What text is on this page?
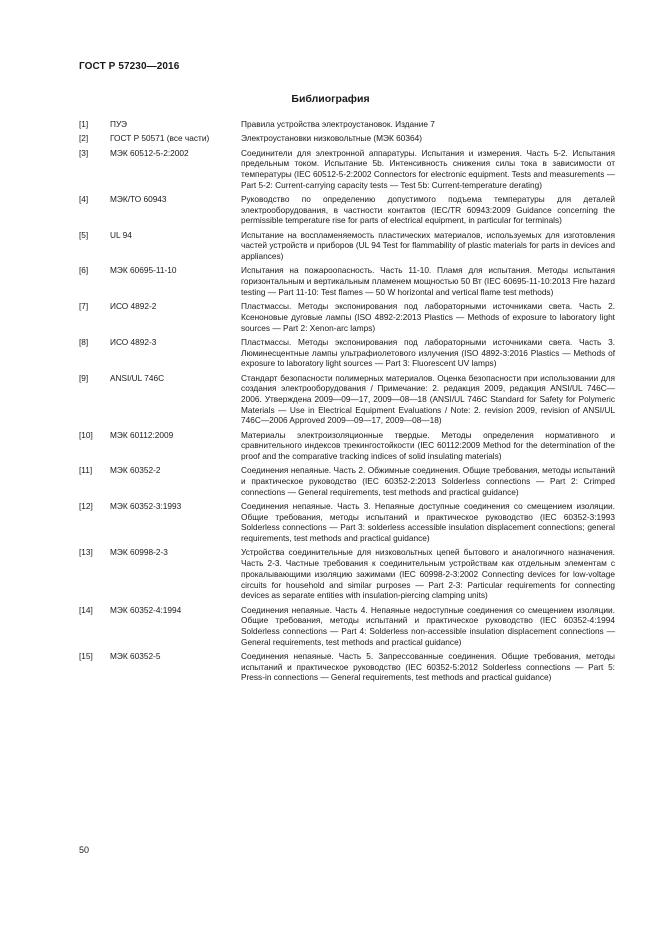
ГОСТ Р 57230—2016
Библиография
[1]	ПУЭ	Правила устройства электроустановок. Издание 7
[2]	ГОСТ Р 50571 (все части)	Электроустановки низковольтные (МЭК 60364)
[3]	МЭК 60512-5-2:2002	Соединители для электронной аппаратуры. Испытания и измерения. Часть 5-2. Испытания предельным током. Испытание 5b. Интенсивность снижения силы тока в зависимости от температуры (IEC 60512-5-2:2002 Connectors for electronic equipment. Tests and measurements — Part 5-2: Current-carrying capacity tests — Test 5b: Current-temperature derating)
[4]	МЭК/ТО 60943	Руководство по определению допустимого подъема температуры для деталей электрооборудования, в частности контактов (IEC/TR 60943:2009 Guidance concerning the permissible temperature rise for parts of electrical equipment, in particular for terminals)
[5]	UL 94	Испытание на воспламеняемость пластических материалов, используемых для изготовления частей устройств и приборов (UL 94 Test for flammability of plastic materials for parts in devices and appliances)
[6]	МЭК 60695-11-10	Испытания на пожароопасность. Часть 11-10. Пламя для испытания. Методы испытания горизонтальным и вертикальным пламенем мощностью 50 Вт (IEC 60695-11-10:2013 Fire hazard testing — Part 11-10: Test flames — 50 W horizontal and vertical flame test methods)
[7]	ИСО 4892-2	Пластмассы. Методы экспонирования под лабораторными источниками света. Часть 2. Ксеноновые дуговые лампы (ISO 4892-2:2013 Plastics — Methods of exposure to laboratory light sources — Part 2: Xenon-arc lamps)
[8]	ИСО 4892-3	Пластмассы. Методы экспонирования под лабораторными источниками света. Часть 3. Люминесцентные лампы ультрафиолетового излучения (ISO 4892-3:2016 Plastics — Methods of exposure to laboratory light sources — Part 3: Fluorescent UV lamps)
[9]	ANSI/UL 746C	Стандарт безопасности полимерных материалов. Оценка безопасности при использовании для создания электрооборудования / Примечание: 2. редакция 2009, редакция ANSI/UL 746C—2006. Утверждена 2009—09—17, 2009—08—18 (ANSI/UL 746C Standard for Safety for Polymeric Materials — Use in Electrical Equipment Evaluations / Note: 2. revision 2009, revision of ANSI/UL 746C—2006 Approved 2009—09—17, 2009—08—18)
[10]	МЭК 60112:2009	Материалы электроизоляционные твердые. Методы определения нормативного и сравнительного индексов трекингостойкости (IEC 60112:2009 Method for the determination of the proof and the comparative tracking indices of solid insulating materials)
[11]	МЭК 60352-2	Соединения непаяные. Часть 2. Обжимные соединения. Общие требования, методы испытаний и практическое руководство (IEC 60352-2:2013 Solderless connections — Part 2: Crimped connections — General requirements, test methods and practical guidance)
[12]	МЭК 60352-3:1993	Соединения непаяные. Часть 3. Непаяные доступные соединения со смещением изоляции. Общие требования, методы испытаний и практическое руководство (IEC 60352-3:1993 Solderless connections — Part 3: solderless accessible insulation displacement connections; general requirements, test methods and practical guidance)
[13]	МЭК 60998-2-3	Устройства соединительные для низковольтных цепей бытового и аналогичного назначения. Часть 2-3. Частные требования к соединительным устройствам как отдельным элементам с прокалывающими изоляцию зажимами (IEC 60998-2-3:2002 Connecting devices for low-voltage circuits for household and similar purposes — Part 2-3: Particular requirements for connecting devices as separate entities with insulation-piercing clamping units)
[14]	МЭК 60352-4:1994	Соединения непаяные. Часть 4. Непаяные недоступные соединения со смещением изоляции. Общие требования, методы испытаний и практическое руководство (IEC 60352-4:1994 Solderless connections — Part 4: Solderless non-accessible insulation displacement connections — General requirements, test methods and practical guidance)
[15]	МЭК 60352-5	Соединения непаяные. Часть 5. Запрессованные соединения. Общие требования, методы испытаний и практическое руководство (IEC 60352-5:2012 Solderless connections — Part 5: Press-in connections — General requirements, test methods and practical guidance)
50
